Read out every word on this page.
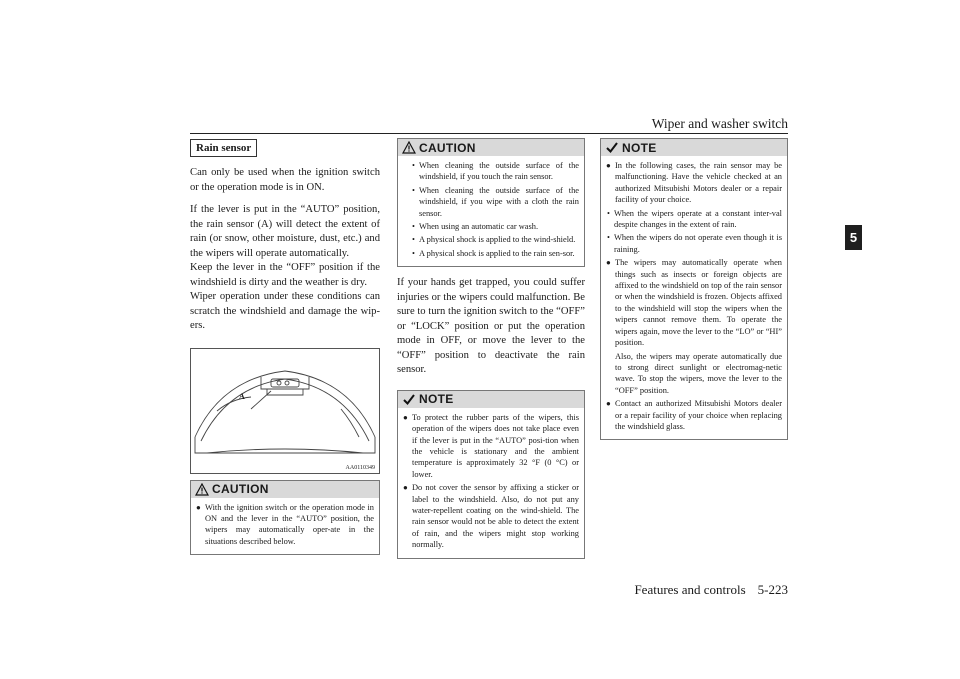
Wiper and washer switch
5
Rain sensor

Can only be used when the ignition switch or the operation mode is in ON.

If the lever is put in the “AUTO” position, the rain sensor (A) will detect the extent of rain (or snow, other moisture, dust, etc.) and the wipers will operate automatically.

Keep the lever in the “OFF” position if the windshield is dirty and the weather is dry.

Wiper operation under these conditions can scratch the windshield and damage the wip-ers.

A
AA0110349
CAUTION
● With the ignition switch or the operation mode in ON and the lever in the “AUTO” position, the wipers may automatically oper-ate in the situations described below.
CAUTION
• When cleaning the outside surface of the windshield, if you touch the rain sensor.
• When cleaning the outside surface of the windshield, if you wipe with a cloth the rain sensor.
• When using an automatic car wash.
• A physical shock is applied to the wind-shield.
• A physical shock is applied to the rain sen-sor.

If your hands get trapped, you could suffer injuries or the wipers could malfunction. Be sure to turn the ignition switch to the “OFF” or “LOCK” position or put the operation mode in OFF, or move the lever to the “OFF” position to deactivate the rain sensor.

NOTE
● To protect the rubber parts of the wipers, this operation of the wipers does not take place even if the lever is put in the “AUTO” posi-tion when the vehicle is stationary and the ambient temperature is approximately 32 °F (0 °C) or lower.
● Do not cover the sensor by affixing a sticker or label to the windshield. Also, do not put any water-repellent coating on the wind-shield. The rain sensor would not be able to detect the extent of rain, and the wipers might stop working normally.
NOTE
● In the following cases, the rain sensor may be malfunctioning. Have the vehicle checked at an authorized Mitsubishi Motors dealer or a repair facility of your choice.
• When the wipers operate at a constant inter-val despite changes in the extent of rain.
• When the wipers do not operate even though it is raining.
● The wipers may automatically operate when things such as insects or foreign objects are affixed to the windshield on top of the rain sensor or when the windshield is frozen. Objects affixed to the windshield will stop the wipers when the wipers cannot remove them. To operate the wipers again, move the lever to the “LO” or “HI” position.
Also, the wipers may operate automatically due to strong direct sunlight or electromag-netic wave. To stop the wipers, move the lever to the “OFF” position.
● Contact an authorized Mitsubishi Motors dealer or a repair facility of your choice when replacing the windshield glass.
Features and controls 5-223
